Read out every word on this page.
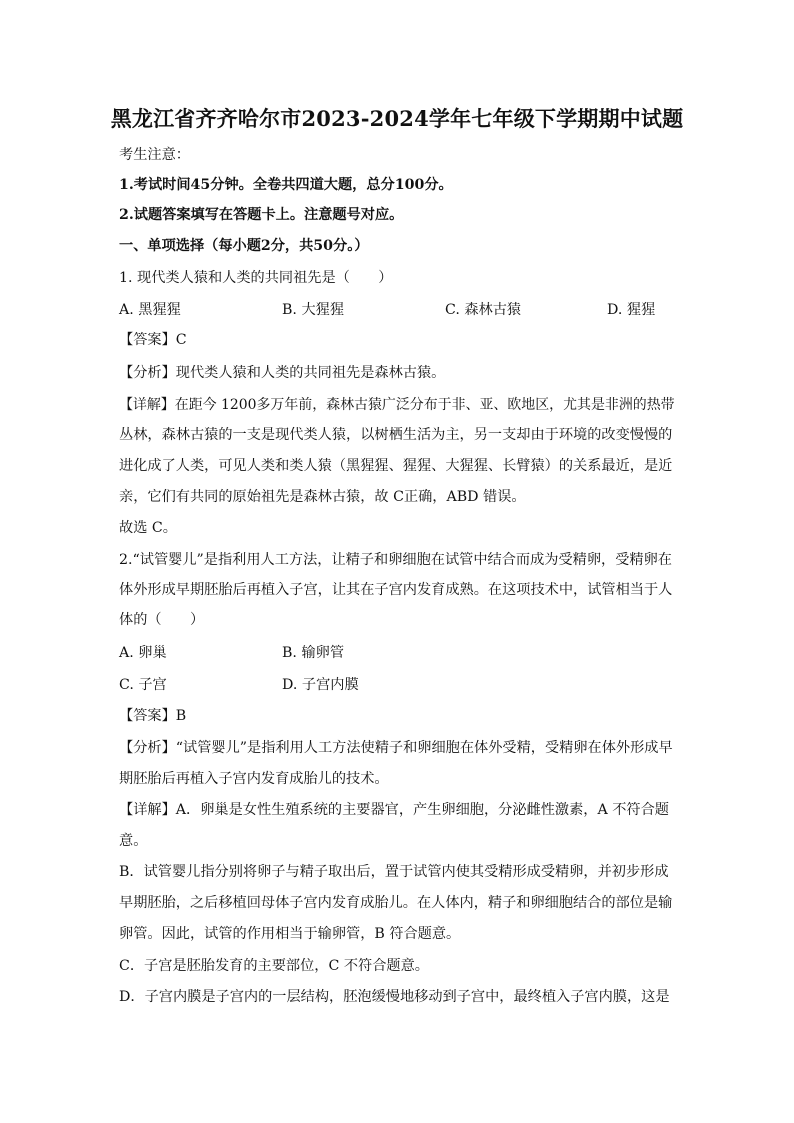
黑龙江省齐齐哈尔市2023-2024学年七年级下学期期中试题
考生注意：
1.考试时间45分钟。全卷共四道大题，总分100分。
2.试题答案填写在答题卡上。注意题号对应。
一、单项选择（每小题2分，共50分。）
1. 现代类人猿和人类的共同祖先是（　　）
A. 黑猩猩	B. 大猩猩	C. 森林古猿	D. 猩猩
【答案】C
【分析】现代类人猿和人类的共同祖先是森林古猿。
【详解】在距今 1200多万年前，森林古猿广泛分布于非、亚、欧地区，尤其是非洲的热带
丛林，森林古猿的一支是现代类人猿，以树栖生活为主，另一支却由于环境的改变慢慢的
进化成了人类，可见人类和类人猿（黑猩猩、猩猩、大猩猩、长臂猿）的关系最近，是近
亲，它们有共同的原始祖先是森林古猿，故 C正确，ABD 错误。
故选 C。
2.“试管婴儿”是指利用人工方法，让精子和卵细胞在试管中结合而成为受精卵，受精卵在
体外形成早期胚胎后再植入子宫，让其在子宫内发育成熟。在这项技术中，试管相当于人
体的（　　）
A. 卵巢	B. 输卵管
C. 子宫	D. 子宫内膜
【答案】B
【分析】“试管婴儿”是指利用人工方法使精子和卵细胞在体外受精，受精卵在体外形成早
期胚胎后再植入子宫内发育成胎儿的技术。
【详解】A．卵巢是女性生殖系统的主要器官，产生卵细胞，分泌雌性激素，A 不符合题
意。
B．试管婴儿指分别将卵子与精子取出后，置于试管内使其受精形成受精卵，并初步形成
早期胚胎，之后移植回母体子宫内发育成胎儿。在人体内，精子和卵细胞结合的部位是输
卵管。因此，试管的作用相当于输卵管，B 符合题意。
C．子宫是胚胎发育的主要部位，C 不符合题意。
D．子宫内膜是子宫内的一层结构，胚泡缓慢地移动到子宫中，最终植入子宫内膜，这是
